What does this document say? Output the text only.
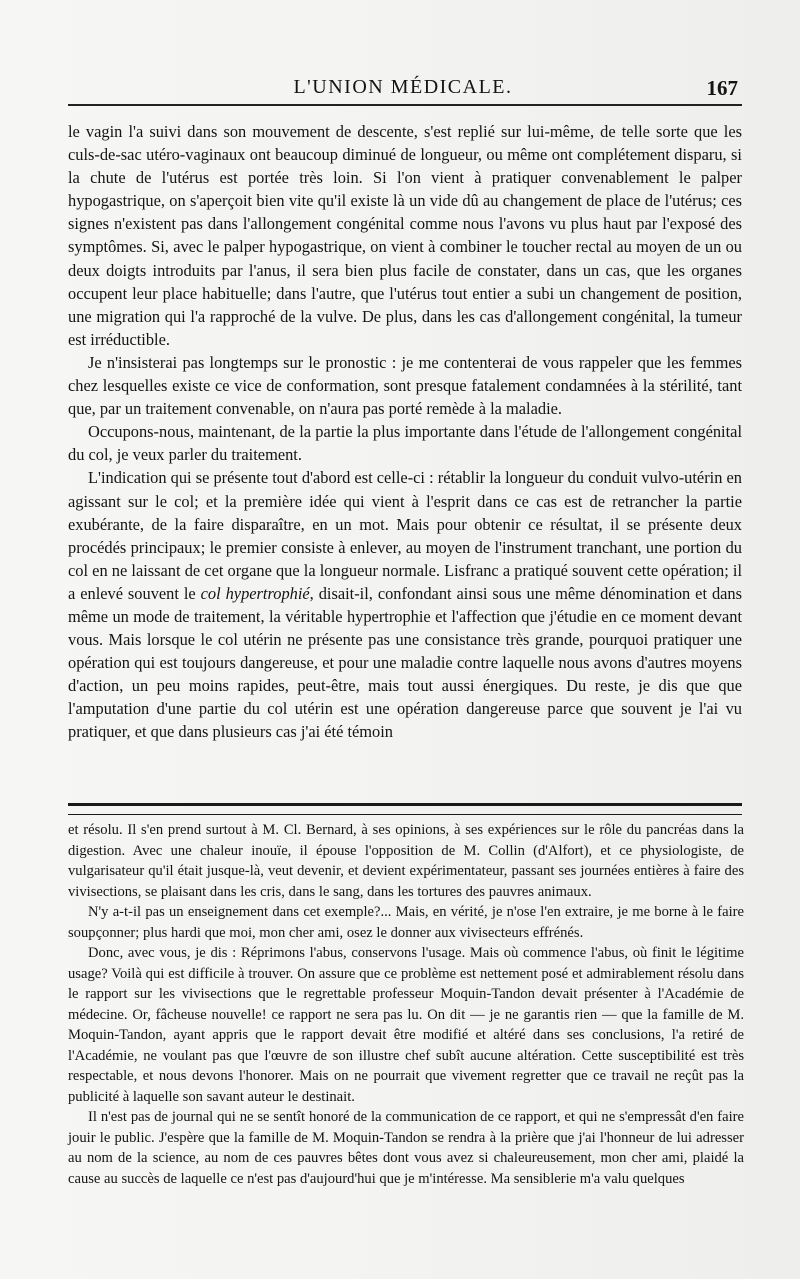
L'UNION MÉDICALE.	167

le vagin l'a suivi dans son mouvement de descente, s'est replié sur lui-même, de telle sorte que les culs-de-sac utéro-vaginaux ont beaucoup diminué de longueur, ou même ont complétement disparu, si la chute de l'utérus est portée très loin. Si l'on vient à pratiquer convenablement le palper hypogastrique, on s'aperçoit bien vite qu'il existe là un vide dû au changement de place de l'utérus; ces signes n'existent pas dans l'allongement congénital comme nous l'avons vu plus haut par l'exposé des symptômes. Si, avec le palper hypogastrique, on vient à combiner le toucher rectal au moyen de un ou deux doigts introduits par l'anus, il sera bien plus facile de constater, dans un cas, que les organes occupent leur place habituelle; dans l'autre, que l'utérus tout entier a subi un changement de position, une migration qui l'a rapproché de la vulve. De plus, dans les cas d'allongement congénital, la tumeur est irréductible.

Je n'insisterai pas longtemps sur le pronostic : je me contenterai de vous rappeler que les femmes chez lesquelles existe ce vice de conformation, sont presque fatalement condamnées à la stérilité, tant que, par un traitement convenable, on n'aura pas porté remède à la maladie.

Occupons-nous, maintenant, de la partie la plus importante dans l'étude de l'allongement congénital du col, je veux parler du traitement.

L'indication qui se présente tout d'abord est celle-ci : rétablir la longueur du conduit vulvo-utérin en agissant sur le col; et la première idée qui vient à l'esprit dans ce cas est de retrancher la partie exubérante, de la faire disparaître, en un mot. Mais pour obtenir ce résultat, il se présente deux procédés principaux; le premier consiste à enlever, au moyen de l'instrument tranchant, une portion du col en ne laissant de cet organe que la longueur normale. Lisfranc a pratiqué souvent cette opération; il a enlevé souvent le col hypertrophié, disait-il, confondant ainsi sous une même dénomination et dans même un mode de traitement, la véritable hypertrophie et l'affection que j'étudie en ce moment devant vous. Mais lorsque le col utérin ne présente pas une consistance très grande, pourquoi pratiquer une opération qui est toujours dangereuse, et pour une maladie contre laquelle nous avons d'autres moyens d'action, un peu moins rapides, peut-être, mais tout aussi énergiques. Du reste, je dis que que l'amputation d'une partie du col utérin est une opération dangereuse parce que souvent je l'ai vu pratiquer, et que dans plusieurs cas j'ai été témoin

et résolu. Il s'en prend surtout à M. Cl. Bernard, à ses opinions, à ses expériences sur le rôle du pancréas dans la digestion. Avec une chaleur inouïe, il épouse l'opposition de M. Collin (d'Alfort), et ce physiologiste, de vulgarisateur qu'il était jusque-là, veut devenir, et devient expérimentateur, passant ses journées entières à faire des vivisections, se plaisant dans les cris, dans le sang, dans les tortures des pauvres animaux.

N'y a-t-il pas un enseignement dans cet exemple?... Mais, en vérité, je n'ose l'en extraire, je me borne à le faire soupçonner; plus hardi que moi, mon cher ami, osez le donner aux vivisecteurs effrénés.

Donc, avec vous, je dis : Réprimons l'abus, conservons l'usage. Mais où commence l'abus, où finit le légitime usage? Voilà qui est difficile à trouver. On assure que ce problème est nettement posé et admirablement résolu dans le rapport sur les vivisections que le regrettable professeur Moquin-Tandon devait présenter à l'Académie de médecine. Or, fâcheuse nouvelle! ce rapport ne sera pas lu. On dit — je ne garantis rien — que la famille de M. Moquin-Tandon, ayant appris que le rapport devait être modifié et altéré dans ses conclusions, l'a retiré de l'Académie, ne voulant pas que l'œuvre de son illustre chef subît aucune altération. Cette susceptibilité est très respectable, et nous devons l'honorer. Mais on ne pourrait que vivement regretter que ce travail ne reçût pas la publicité à laquelle son savant auteur le destinait.

Il n'est pas de journal qui ne se sentît honoré de la communication de ce rapport, et qui ne s'empressât d'en faire jouir le public. J'espère que la famille de M. Moquin-Tandon se rendra à la prière que j'ai l'honneur de lui adresser au nom de la science, au nom de ces pauvres bêtes dont vous avez si chaleureusement, mon cher ami, plaidé la cause au succès de laquelle ce n'est pas d'aujourd'hui que je m'intéresse. Ma sensiblerie m'a valu quelques
